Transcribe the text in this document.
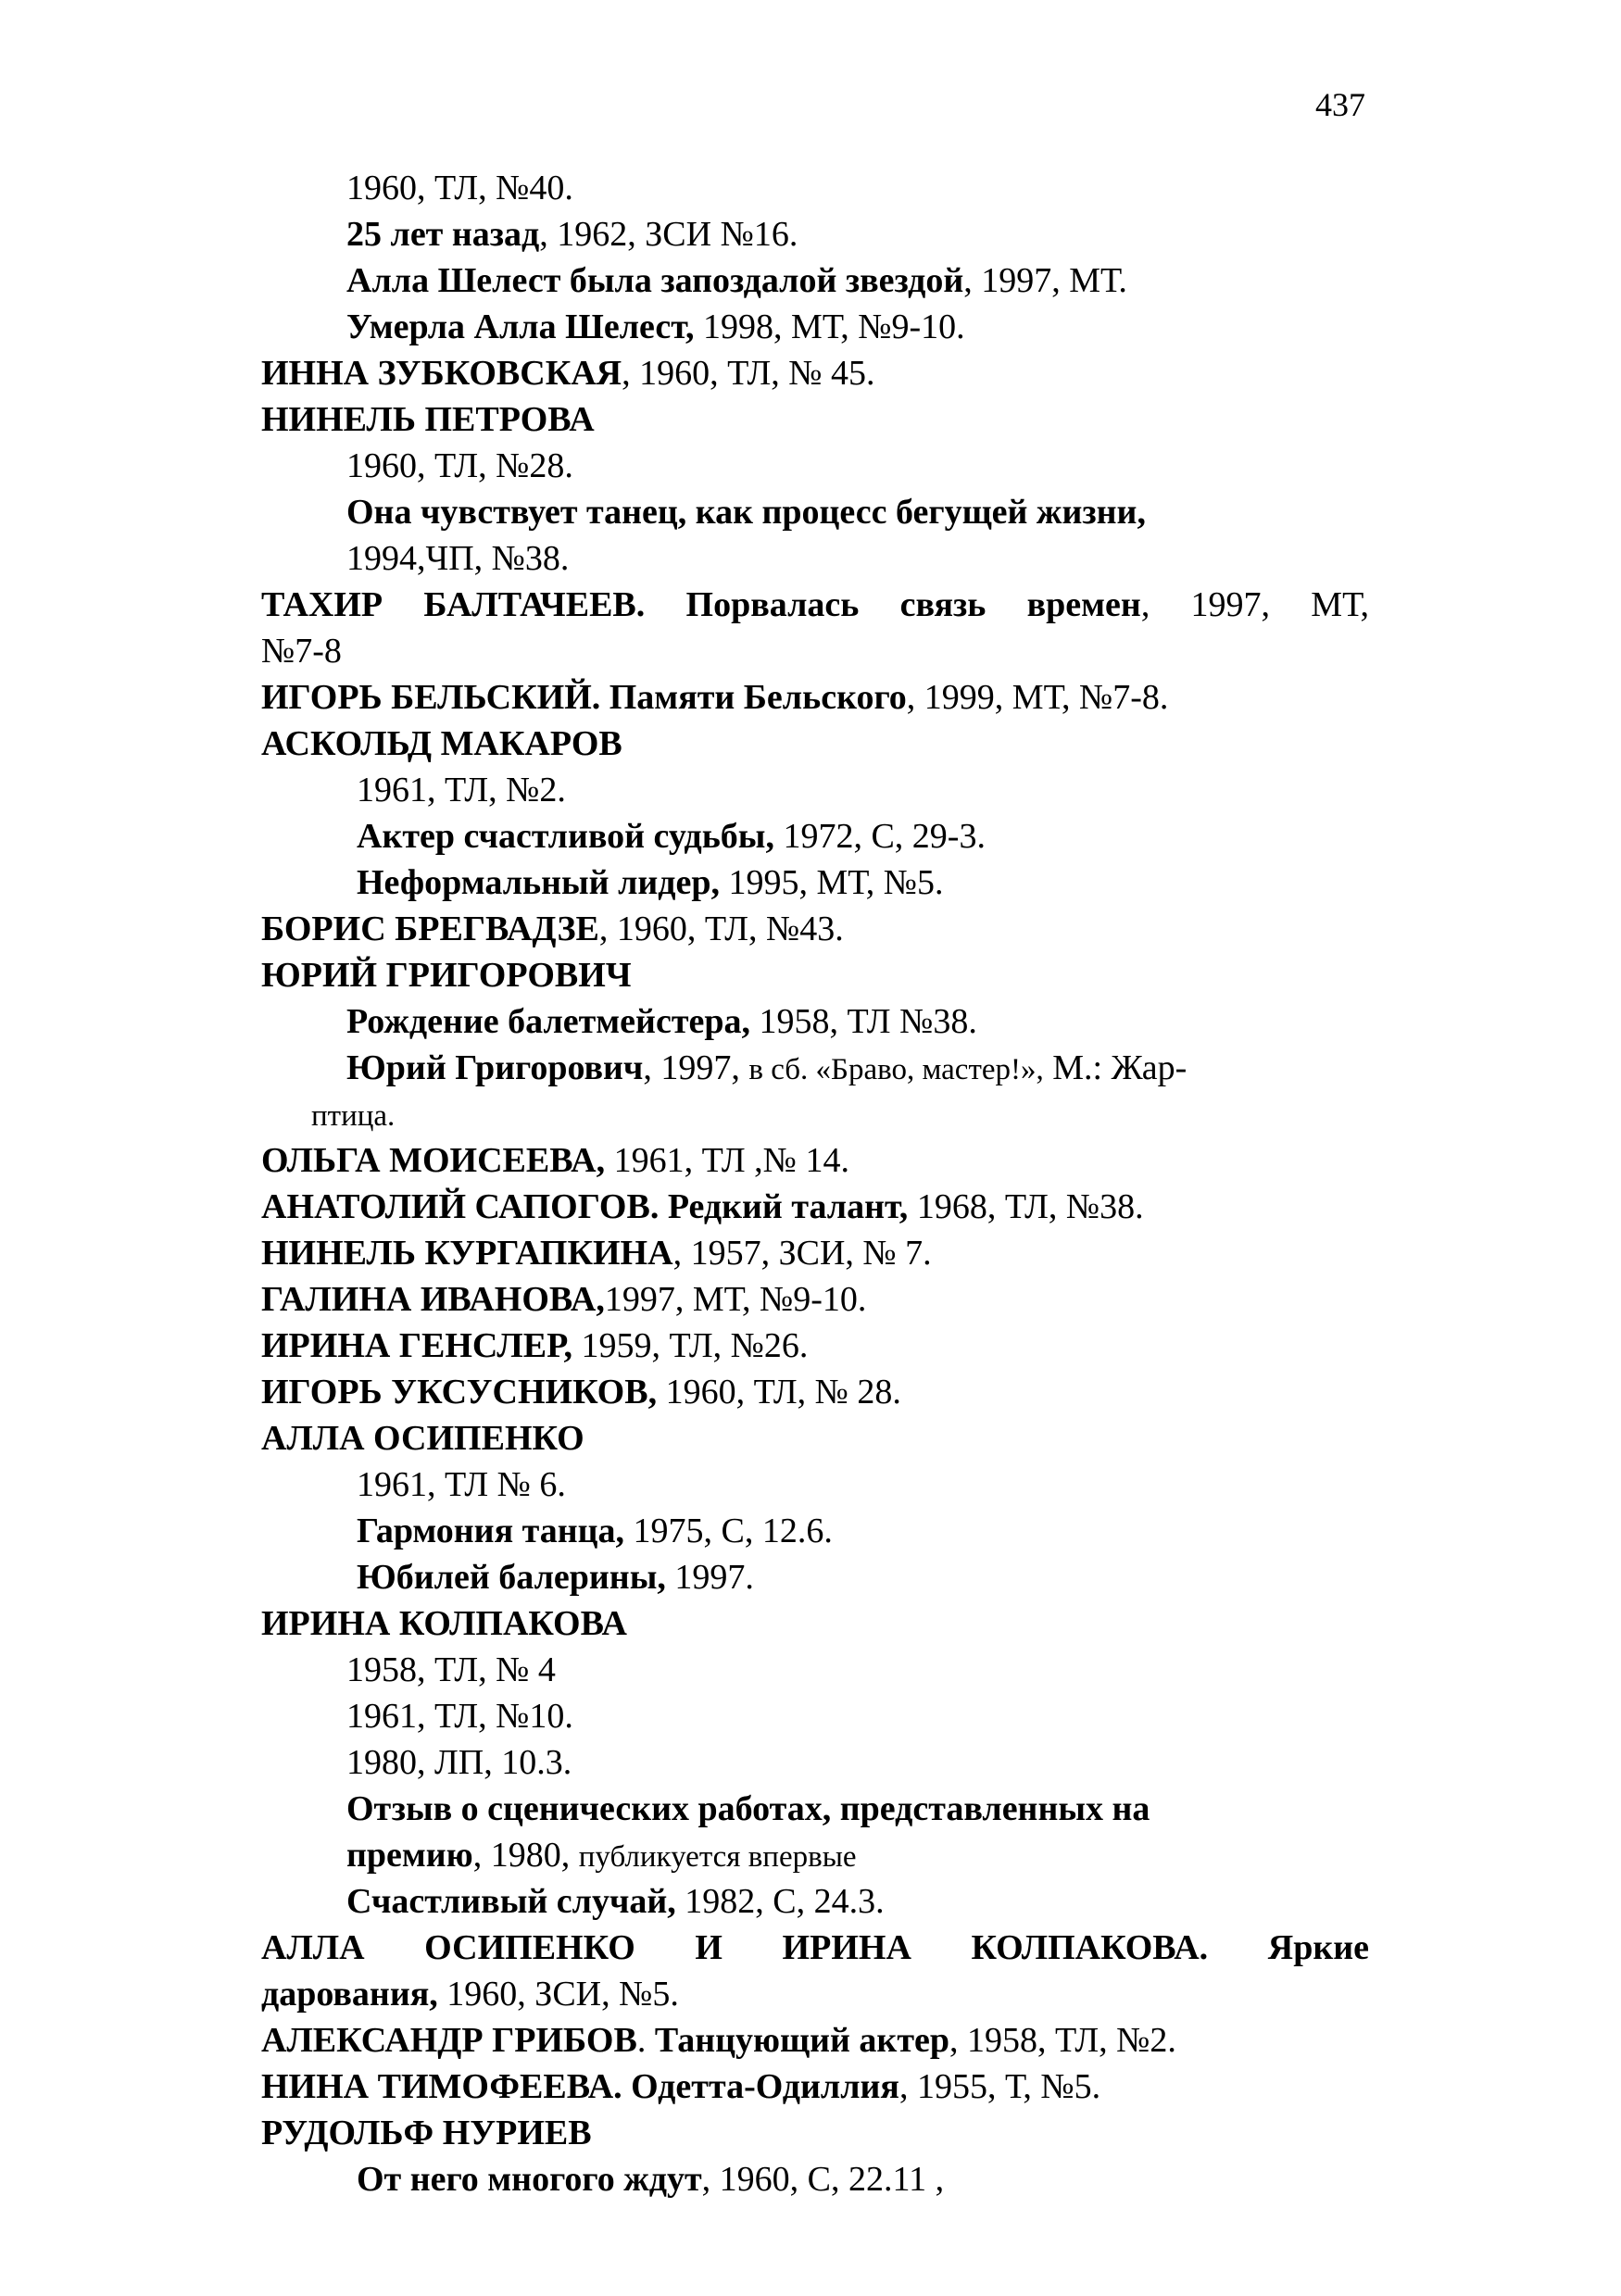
437
1960, ТЛ, №40.
25 лет назад, 1962, ЗСИ №16.
Алла Шелест была запоздалой звездой, 1997, МТ.
Умерла Алла Шелест, 1998, МТ, №9-10.
ИННА ЗУБКОВСКАЯ, 1960, ТЛ, № 45.
НИНЕЛЬ ПЕТРОВА
1960, ТЛ, №28.
Она чувствует танец, как процесс бегущей жизни,
1994,ЧП, №38.
ТАХИР БАЛТАЧЕЕВ. Порвалась связь времен, 1997, МТ,
№7-8
ИГОРЬ БЕЛЬСКИЙ. Памяти Бельского, 1999, МТ, №7-8.
АСКОЛЬД МАКАРОВ
1961, ТЛ, №2.
Актер счастливой судьбы, 1972, С, 29-3.
Неформальный лидер, 1995, МТ, №5.
БОРИС БРЕГВАДЗЕ, 1960, ТЛ, №43.
ЮРИЙ ГРИГОРОВИЧ
Рождение балетмейстера, 1958, ТЛ №38.
Юрий Григорович, 1997, в сб. «Браво, мастер!», М.: Жар-
птица.
ОЛЬГА МОИСЕЕВА, 1961, ТЛ ,№ 14.
АНАТОЛИЙ САПОГОВ. Редкий талант, 1968, ТЛ, №38.
НИНЕЛЬ КУРГАПКИНА, 1957, ЗСИ, № 7.
ГАЛИНА ИВАНОВА,1997, МТ, №9-10.
ИРИНА ГЕНСЛЕР, 1959, ТЛ, №26.
ИГОРЬ УКСУСНИКОВ, 1960, ТЛ, № 28.
АЛЛА ОСИПЕНКО
1961, ТЛ № 6.
Гармония танца, 1975, С, 12.6.
Юбилей балерины, 1997.
ИРИНА КОЛПАКОВА
1958, ТЛ, № 4
1961, ТЛ, №10.
1980, ЛП, 10.3.
Отзыв о сценических работах, представленных на
премию, 1980, публикуется впервые
Счастливый случай, 1982, С, 24.3.
АЛЛА ОСИПЕНКО И ИРИНА КОЛПАКОВА. Яркие
дарования, 1960, ЗСИ, №5.
АЛЕКСАНДР ГРИБОВ. Танцующий актер, 1958, ТЛ, №2.
НИНА ТИМОФЕЕВА. Одетта-Одиллия, 1955, Т, №5.
РУДОЛЬФ НУРИЕВ
От него многого ждут, 1960, С, 22.11 ,
